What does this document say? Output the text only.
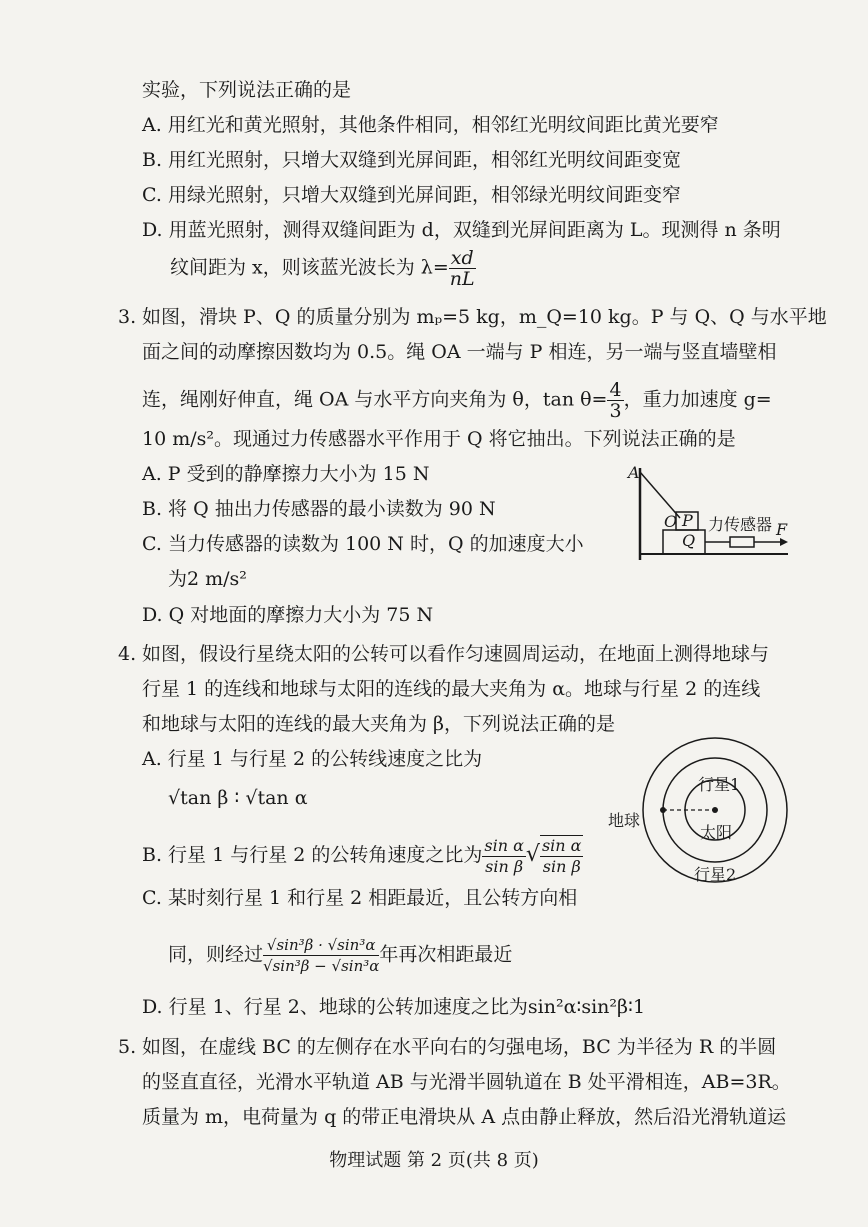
实验，下列说法正确的是
A. 用红光和黄光照射，其他条件相同，相邻红光明纹间距比黄光要窄
B. 用红光照射，只增大双缝到光屏间距，相邻红光明纹间距变宽
C. 用绿光照射，只增大双缝到光屏间距，相邻绿光明纹间距变窄
D. 用蓝光照射，测得双缝间距为 d，双缝到光屏间距离为 L。现测得 n 条明
纹间距为 x，则该蓝光波长为 $\lambda= \frac{xd}{nL}$
3. 如图，滑块 P、Q 的质量分别为 mₚ=5 kg，m_Q=10 kg。P 与 Q、Q 与水平地
面之间的动摩擦因数均为 0.5。绳 OA 一端与 P 相连，另一端与竖直墙壁相
连，绳刚好伸直，绳 OA 与水平方向夹角为 θ，$\tan \theta= \frac{4}{3}$ ，重力加速度 g=
10 m/s²。现通过力传感器水平作用于 Q 将它抽出。下列说法正确的是
A. P 受到的静摩擦力大小为 15 N
B. 将 Q 抽出力传感器的最小读数为 90 N
C. 当力传感器的读数为 100 N 时，Q 的加速度大小
为2 m/s²
D. Q 对地面的摩擦力大小为 75 N
A
O P
Q
力传感器 F
4. 如图，假设行星绕太阳的公转可以看作匀速圆周运动，在地面上测得地球与
行星 1 的连线和地球与太阳的连线的最大夹角为 α。地球与行星 2 的连线
和地球与太阳的连线的最大夹角为 β，下列说法正确的是
A. 行星 1 与行星 2 的公转线速度之比为
√tan β ∶ √tan α
B. 行星 1 与行星 2 的公转角速度之比为 $\frac{\text{sin α}}{\text{sin β}}$ √ $\frac{\text{sin α}}{\text{sin β}}$
C. 某时刻行星 1 和行星 2 相距最近，且公转方向相
同，则经过 $\frac{\text{√sin³β · √sin³α}}{\text{√sin³β − √sin³α}}$ 年再次相距最近
D. 行星 1、行星 2、地球的公转加速度之比为sin²α∶sin²β∶1
行星1
地球
太阳
行星2
5. 如图，在虚线 BC 的左侧存在水平向右的匀强电场，BC 为半径为 R 的半圆
的竖直直径，光滑水平轨道 AB 与光滑半圆轨道在 B 处平滑相连，AB=3R。
质量为 m，电荷量为 q 的带正电滑块从 A 点由静止释放，然后沿光滑轨道运
物理试题 第 2 页(共 8 页)
